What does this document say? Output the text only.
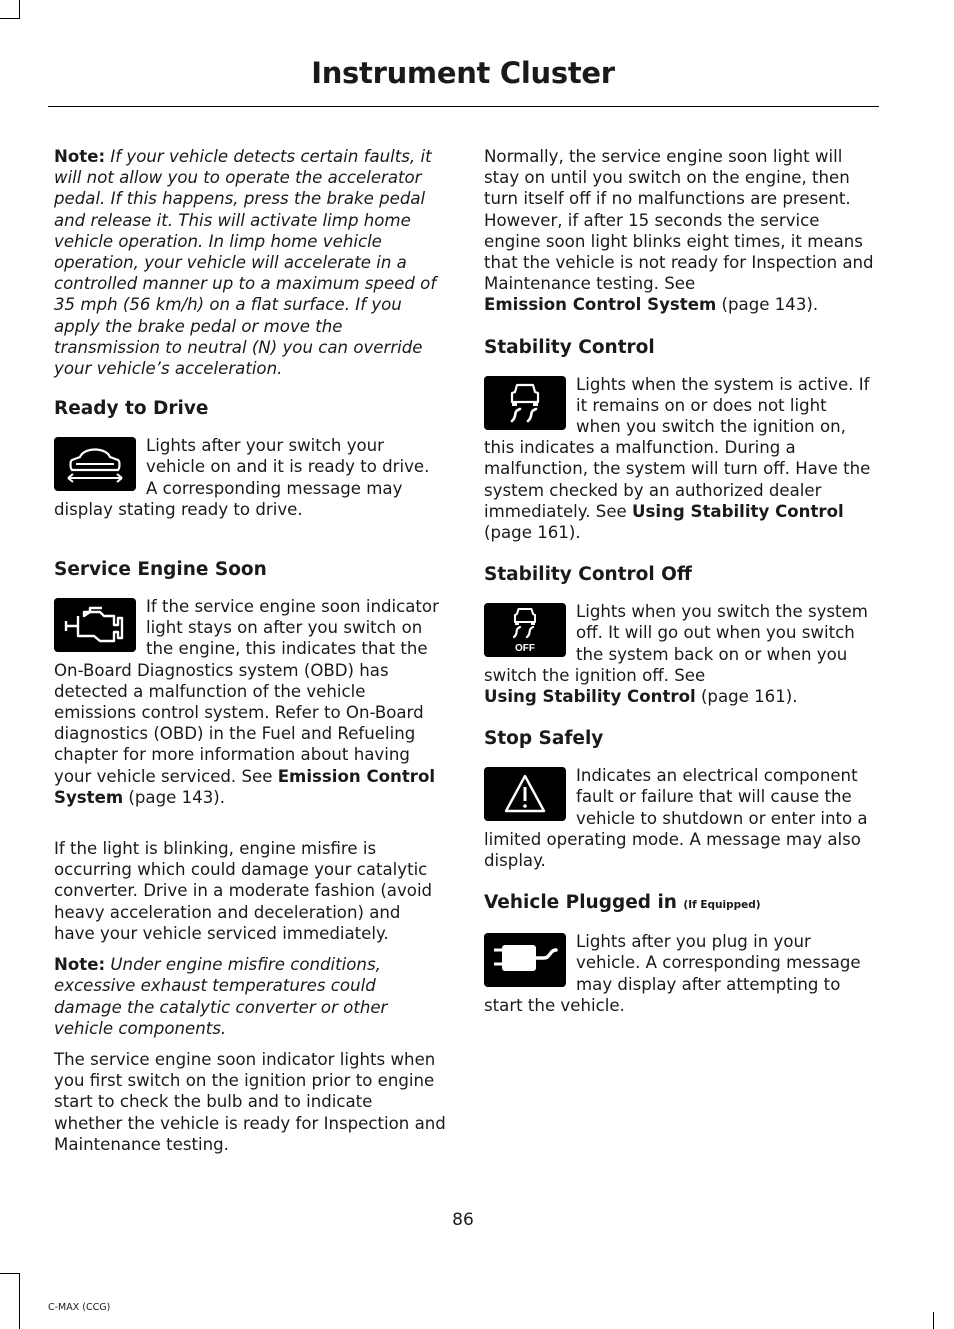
Instrument Cluster

Note: If your vehicle detects certain faults, it will not allow you to operate the accelerator pedal. If this happens, press the brake pedal and release it. This will activate limp home vehicle operation. In limp home vehicle operation, your vehicle will accelerate in a controlled manner up to a maximum speed of 35 mph (56 km/h) on a flat surface. If you apply the brake pedal or move the transmission to neutral (N) you can override your vehicle’s acceleration.

Ready to Drive

Lights after your switch your vehicle on and it is ready to drive. A corresponding message may display stating ready to drive.

Service Engine Soon

If the service engine soon indicator light stays on after you switch on the engine, this indicates that the On-Board Diagnostics system (OBD) has detected a malfunction of the vehicle emissions control system. Refer to On-Board diagnostics (OBD) in the Fuel and Refueling chapter for more information about having your vehicle serviced. See Emission Control System (page 143).

If the light is blinking, engine misfire is occurring which could damage your catalytic converter. Drive in a moderate fashion (avoid heavy acceleration and deceleration) and have your vehicle serviced immediately.

Note: Under engine misfire conditions, excessive exhaust temperatures could damage the catalytic converter or other vehicle components.

The service engine soon indicator lights when you first switch on the ignition prior to engine start to check the bulb and to indicate whether the vehicle is ready for Inspection and Maintenance testing.

Normally, the service engine soon light will stay on until you switch on the engine, then turn itself off if no malfunctions are present. However, if after 15 seconds the service engine soon light blinks eight times, it means that the vehicle is not ready for Inspection and Maintenance testing. See
Emission Control System (page 143).

Stability Control

Lights when the system is active. If it remains on or does not light when you switch the ignition on, this indicates a malfunction. During a malfunction, the system will turn off. Have the system checked by an authorized dealer immediately. See Using Stability Control (page 161).

Stability Control Off
OFF

Lights when you switch the system off. It will go out when you switch the system back on or when you switch the ignition off. See
Using Stability Control (page 161).

Stop Safely

Indicates an electrical component fault or failure that will cause the vehicle to shutdown or enter into a limited operating mode. A message may also display.

Vehicle Plugged in (If Equipped)

Lights after you plug in your vehicle. A corresponding message may display after attempting to start the vehicle.

86
C-MAX (CCG)
